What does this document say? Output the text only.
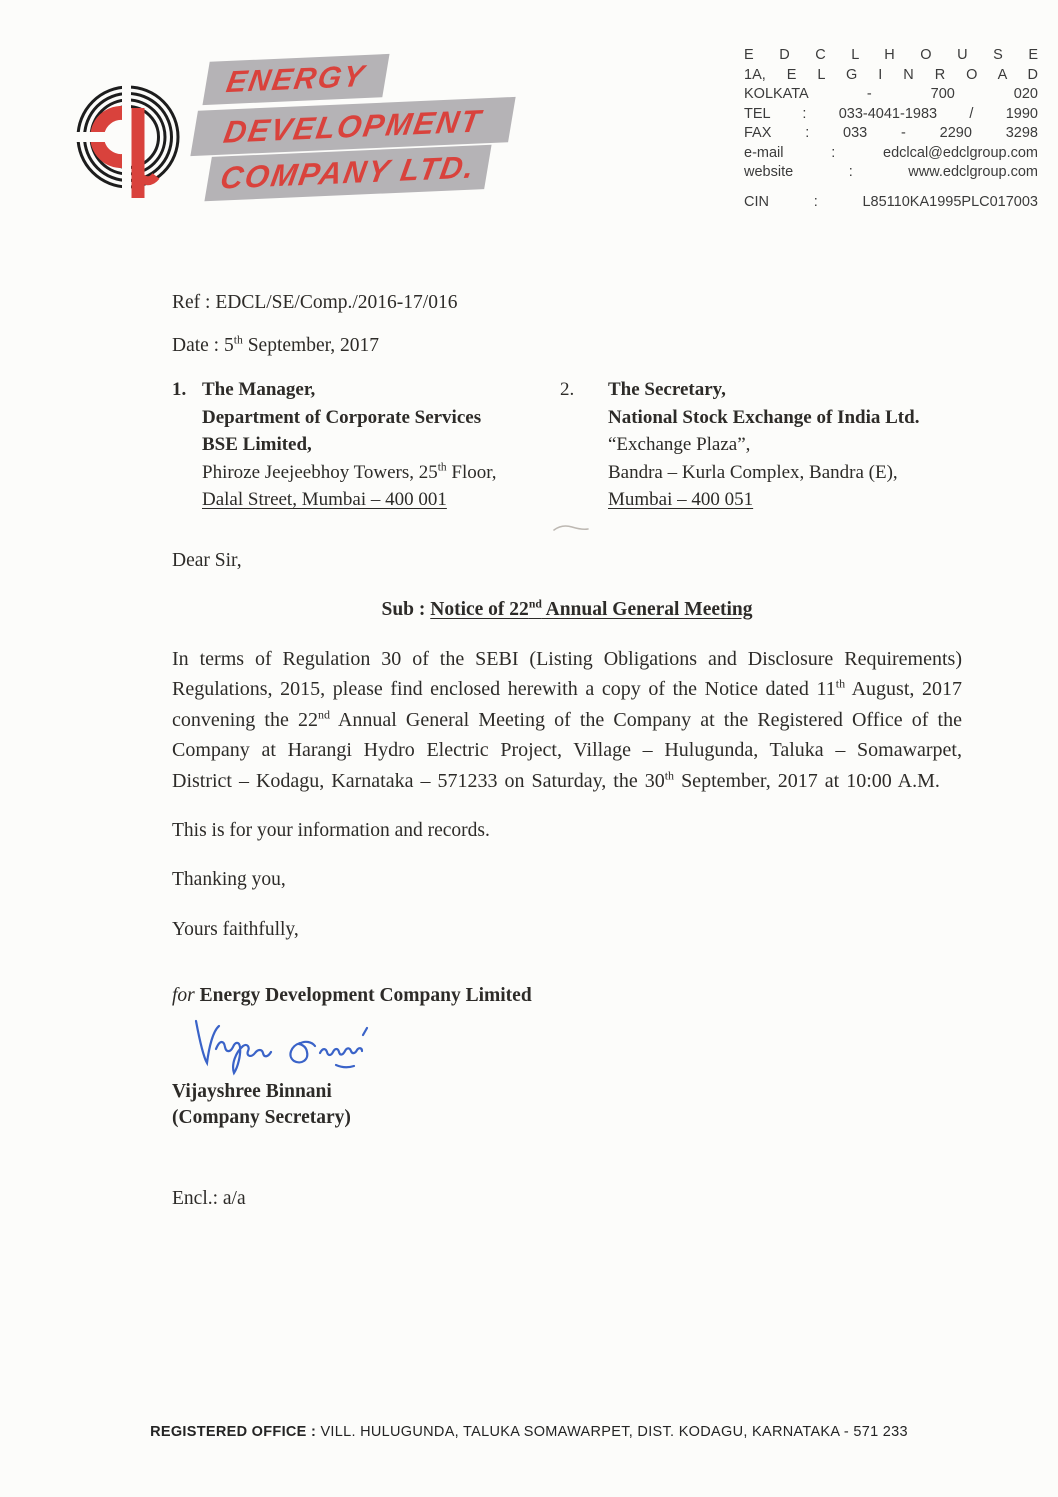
ENERGY
DEVELOPMENT
COMPANY LTD.
E D C L H O U S E
1A, E L G I N R O A D
KOLKATA - 700 020
TEL : 033-4041-1983 / 1990
FAX : 033 - 2290 3298
e-mail : edclcal@edclgroup.com
website : www.edclgroup.com
CIN : L85110KA1995PLC017003
Ref : EDCL/SE/Comp./2016-17/016
Date : 5th September, 2017
1. The Manager,
Department of Corporate Services
BSE Limited,
Phiroze Jeejeebhoy Towers, 25th Floor,
Dalal Street, Mumbai – 400 001
2.	The Secretary,
National Stock Exchange of India Ltd.
“Exchange Plaza”,
Bandra – Kurla Complex, Bandra (E),
Mumbai – 400 051
Dear Sir,
Sub : Notice of 22nd Annual General Meeting

In terms of Regulation 30 of the SEBI (Listing Obligations and Disclosure Requirements) Regulations, 2015, please find enclosed herewith a copy of the Notice dated 11th August, 2017 convening the 22nd Annual General Meeting of the Company at the Registered Office of the Company at Harangi Hydro Electric Project, Village – Hulugunda, Taluka – Somawarpet, District – Kodagu, Karnataka – 571233 on Saturday, the 30th September, 2017 at 10:00 A.M.

This is for your information and records.
Thanking you,
Yours faithfully,
for Energy Development Company Limited
Vijayshree Binnani
(Company Secretary)
Encl.: a/a
REGISTERED OFFICE : VILL. HULUGUNDA, TALUKA SOMAWARPET, DIST. KODAGU, KARNATAKA - 571 233
